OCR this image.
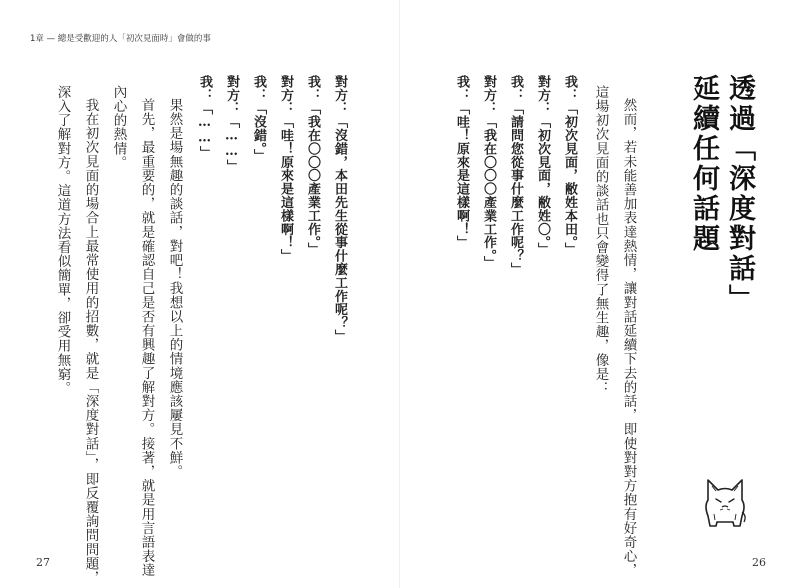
1章 — 總是受歡迎的人「初次見面時」會做的事
透過「深度對話」
延續任何話題
然而，若未能善加表達熱情，讓對話延續下去的話，即使對對方抱有好奇心，
這場初次見面的談話也只會變得了無生趣，像是：
我：「初次見面，敝姓本田。」
對方：「初次見面，敝姓〇。」
我：「請問您從事什麼工作呢？」
對方：「我在〇〇〇產業工作。」
我：「哇！原來是這樣啊！」
對方：「沒錯，本田先生從事什麼工作呢？」
我：「我在〇〇〇產業工作。」
對方：「哇！原來是這樣啊！」
我：「沒錯。」
對方：「……」
我：「……」
果然是場無趣的談話，對吧！我想以上的情境應該屢見不鮮。
首先，最重要的，就是確認自己是否有興趣了解對方。接著，就是用言語表達
內心的熱情。
我在初次見面的場合上最常使用的招數，就是「深度對話」，即反覆詢問問題，
深入了解對方。這道方法看似簡單，卻受用無窮。
27	26
